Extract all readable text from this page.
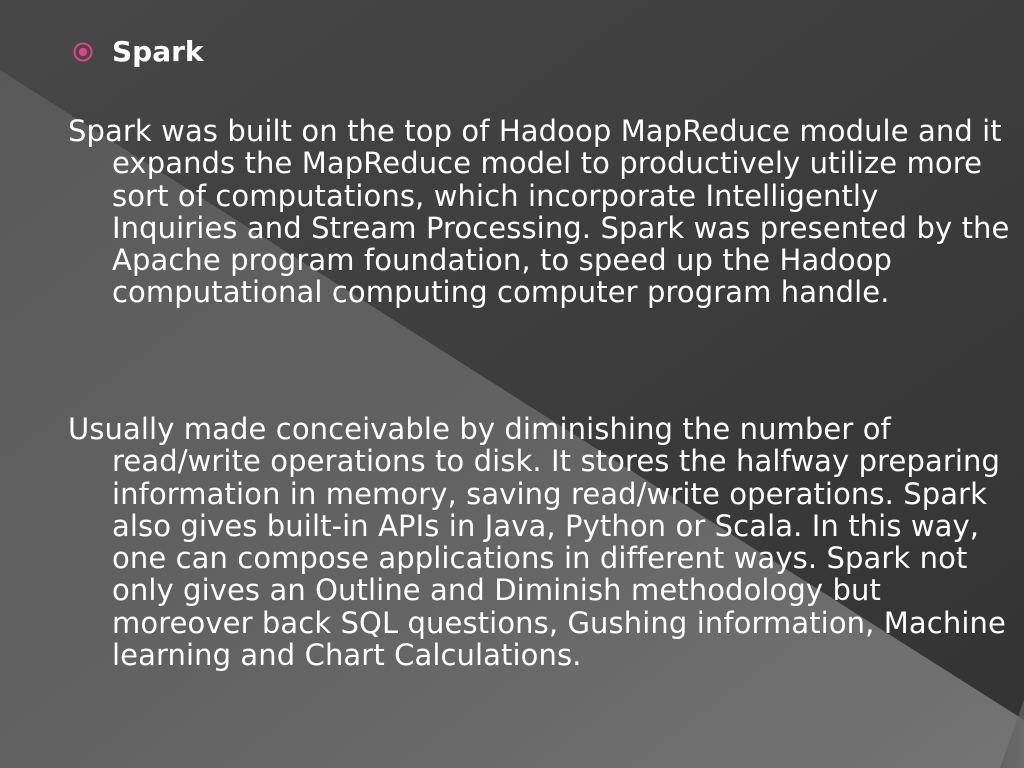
Spark

Spark was built on the top of Hadoop MapReduce module and it expands the MapReduce model to productively utilize more sort of computations, which incorporate Intelligently Inquiries and Stream Processing. Spark was presented by the Apache program foundation, to speed up the Hadoop computational computing computer program handle.

Usually made conceivable by diminishing the number of read/write operations to disk. It stores the halfway preparing information in memory, saving read/write operations. Spark also gives built-in APIs in Java, Python or Scala. In this way, one can compose applications in different ways. Spark not only gives an Outline and Diminish methodology but moreover back SQL questions, Gushing information, Machine learning and Chart Calculations.
